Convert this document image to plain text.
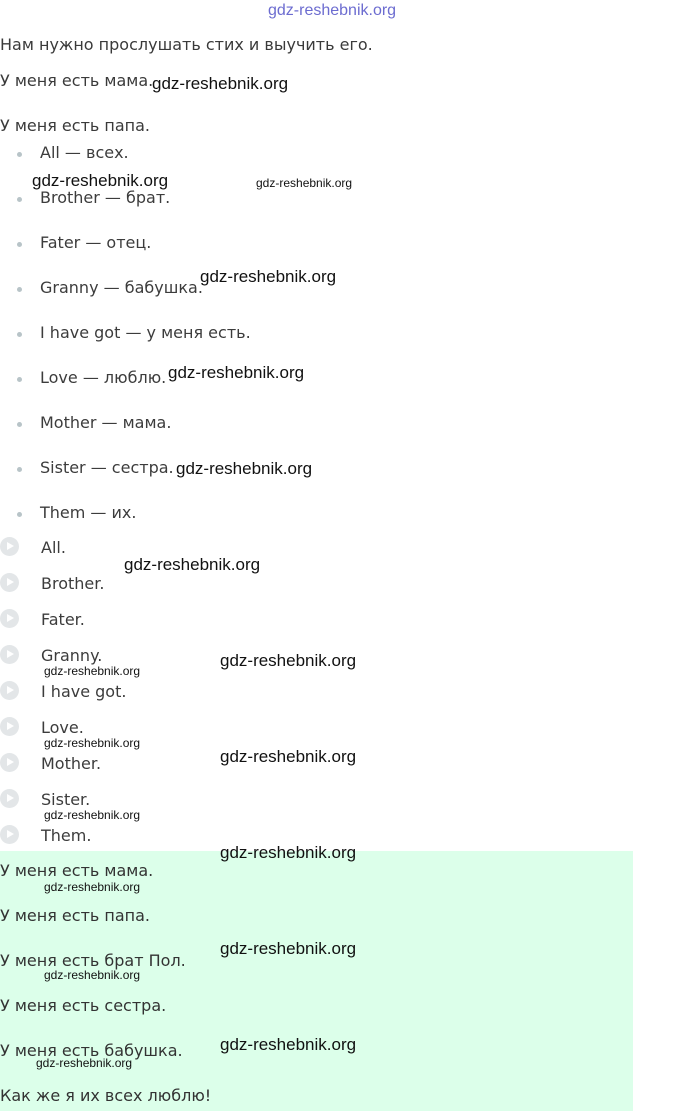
gdz-reshebnik.org
Нам нужно прослушать стих и выучить его.
У меня есть мама.
У меня есть папа.
All — всех.
Brother — брат.
Fater — отец.
Granny — бабушка.
I have got — у меня есть.
Love — люблю.
Mother — мама.
Sister — сестра.
Them — их.
All.
Brother.
Fater.
Granny.
I have got.
Love.
Mother.
Sister.
Them.
У меня есть мама.
У меня есть папа.
У меня есть брат Пол.
У меня есть сестра.
У меня есть бабушка.
Как же я их всех люблю!
gdz-reshebnik.org
gdz-reshebnik.org	gdz-reshebnik.org
gdz-reshebnik.org
gdz-reshebnik.org
gdz-reshebnik.org
gdz-reshebnik.org
gdz-reshebnik.org
gdz-reshebnik.org
gdz-reshebnik.org
gdz-reshebnik.org
gdz-reshebnik.org
gdz-reshebnik.org
gdz-reshebnik.org
gdz-reshebnik.org
gdz-reshebnik.org
gdz-reshebnik.org
gdz-reshebnik.org
